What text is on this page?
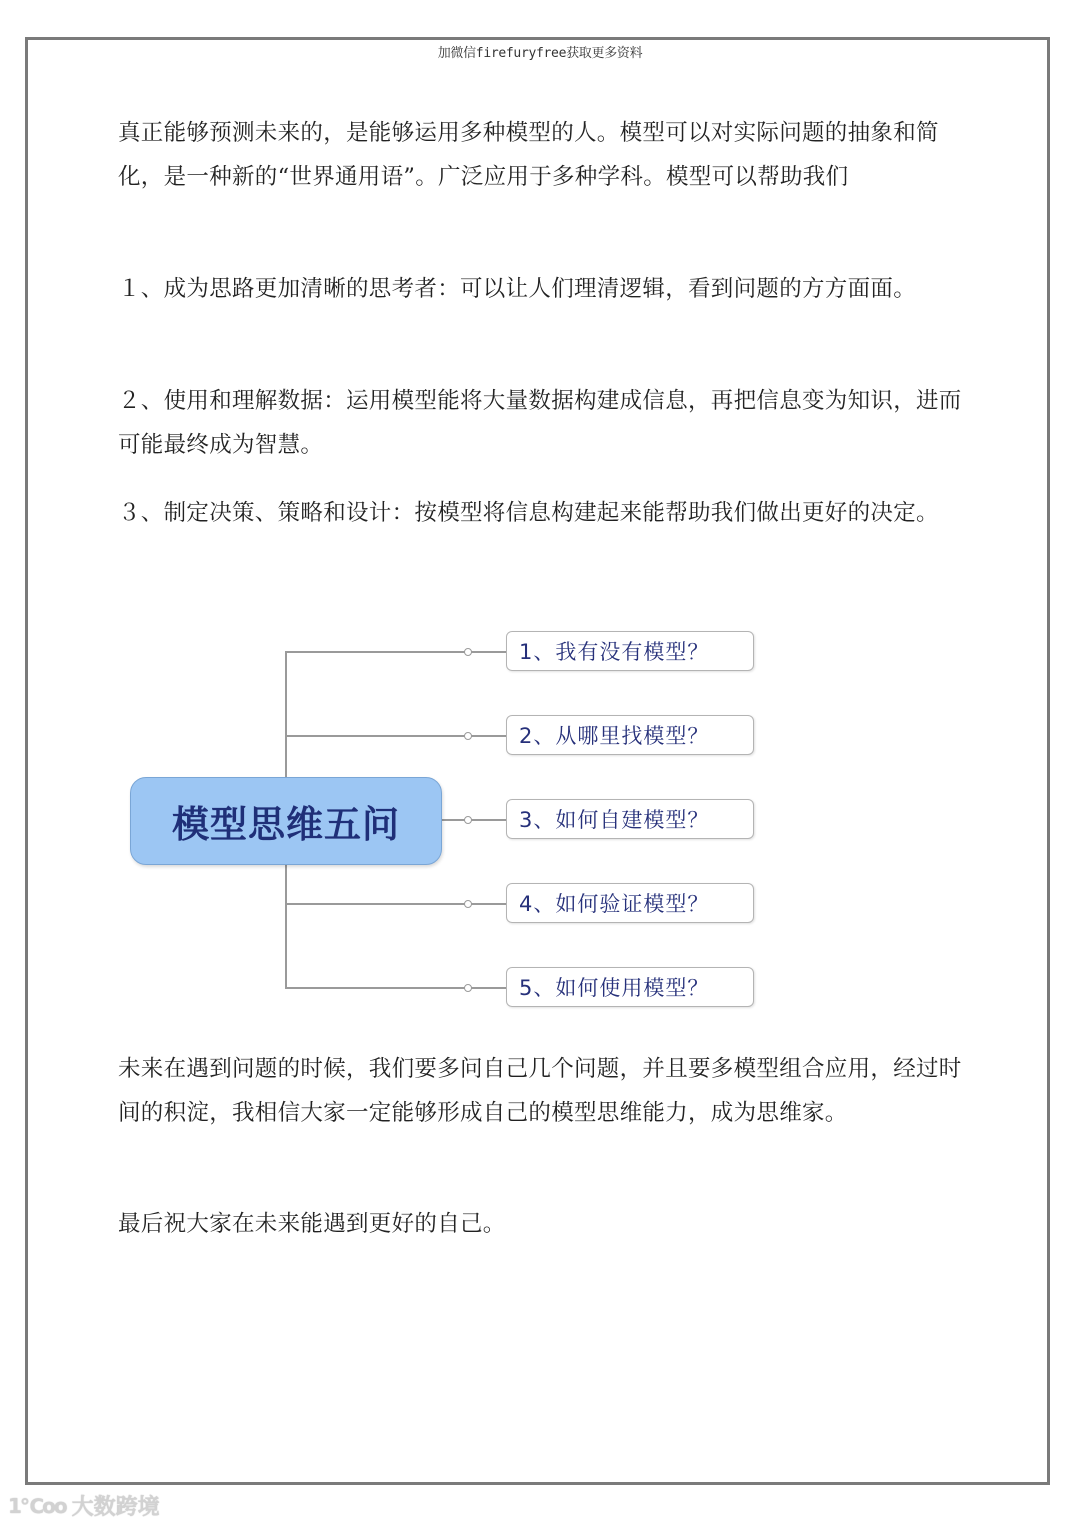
加微信firefuryfree获取更多资料
真正能够预测未来的，是能够运用多种模型的人。模型可以对实际问题的抽象和简化，是一种新的“世界通用语”。广泛应用于多种学科。模型可以帮助我们
１、成为思路更加清晰的思考者：可以让人们理清逻辑，看到问题的方方面面。
２、使用和理解数据：运用模型能将大量数据构建成信息，再把信息变为知识，进而可能最终成为智慧。
３、制定决策、策略和设计：按模型将信息构建起来能帮助我们做出更好的决定。
模型思维五问
1、我有没有模型？
2、从哪里找模型？
3、如何自建模型？
4、如何验证模型？
5、如何使用模型？
未来在遇到问题的时候，我们要多问自己几个问题，并且要多模型组合应用，经过时间的积淀，我相信大家一定能够形成自己的模型思维能力，成为思维家。
最后祝大家在未来能遇到更好的自己。
1℃oo 大数跨境
